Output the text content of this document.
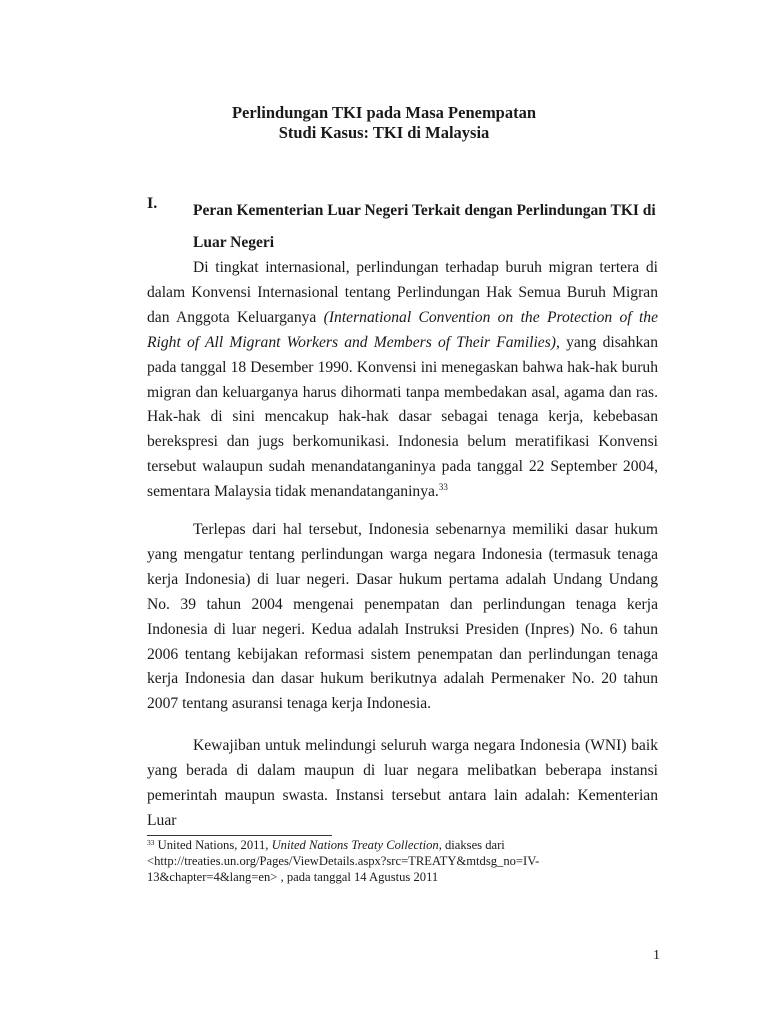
Perlindungan TKI pada Masa Penempatan
Studi Kasus: TKI di Malaysia
I. Peran Kementerian Luar Negeri Terkait dengan Perlindungan TKI di Luar Negeri

Di tingkat internasional, perlindungan terhadap buruh migran tertera di dalam Konvensi Internasional tentang Perlindungan Hak Semua Buruh Migran dan Anggota Keluarganya (International Convention on the Protection of the Right of All Migrant Workers and Members of Their Families), yang disahkan pada tanggal 18 Desember 1990. Konvensi ini menegaskan bahwa hak-hak buruh migran dan keluarganya harus dihormati tanpa membedakan asal, agama dan ras. Hak-hak di sini mencakup hak-hak dasar sebagai tenaga kerja, kebebasan berekspresi dan jugs berkomunikasi. Indonesia belum meratifikasi Konvensi tersebut walaupun sudah menandatanganinya pada tanggal 22 September 2004, sementara Malaysia tidak menandatanganinya.$^{33}$

Terlepas dari hal tersebut, Indonesia sebenarnya memiliki dasar hukum yang mengatur tentang perlindungan warga negara Indonesia (termasuk tenaga kerja Indonesia) di luar negeri. Dasar hukum pertama adalah Undang Undang No. 39 tahun 2004 mengenai penempatan dan perlindungan tenaga kerja Indonesia di luar negeri. Kedua adalah Instruksi Presiden (Inpres) No. 6 tahun 2006 tentang kebijakan reformasi sistem penempatan dan perlindungan tenaga kerja Indonesia dan dasar hukum berikutnya adalah Permenaker No. 20 tahun 2007 tentang asuransi tenaga kerja Indonesia.

Kewajiban untuk melindungi seluruh warga negara Indonesia (WNI) baik yang berada di dalam maupun di luar negara melibatkan beberapa instansi pemerintah maupun swasta. Instansi tersebut antara lain adalah: Kementerian Luar

$^{33}$ United Nations, 2011, United Nations Treaty Collection, diakses dari
<http://treaties.un.org/Pages/ViewDetails.aspx?src=TREATY&mtdsg_no=IV-
13&chapter=4&lang=en> , pada tanggal 14 Agustus 2011
1
